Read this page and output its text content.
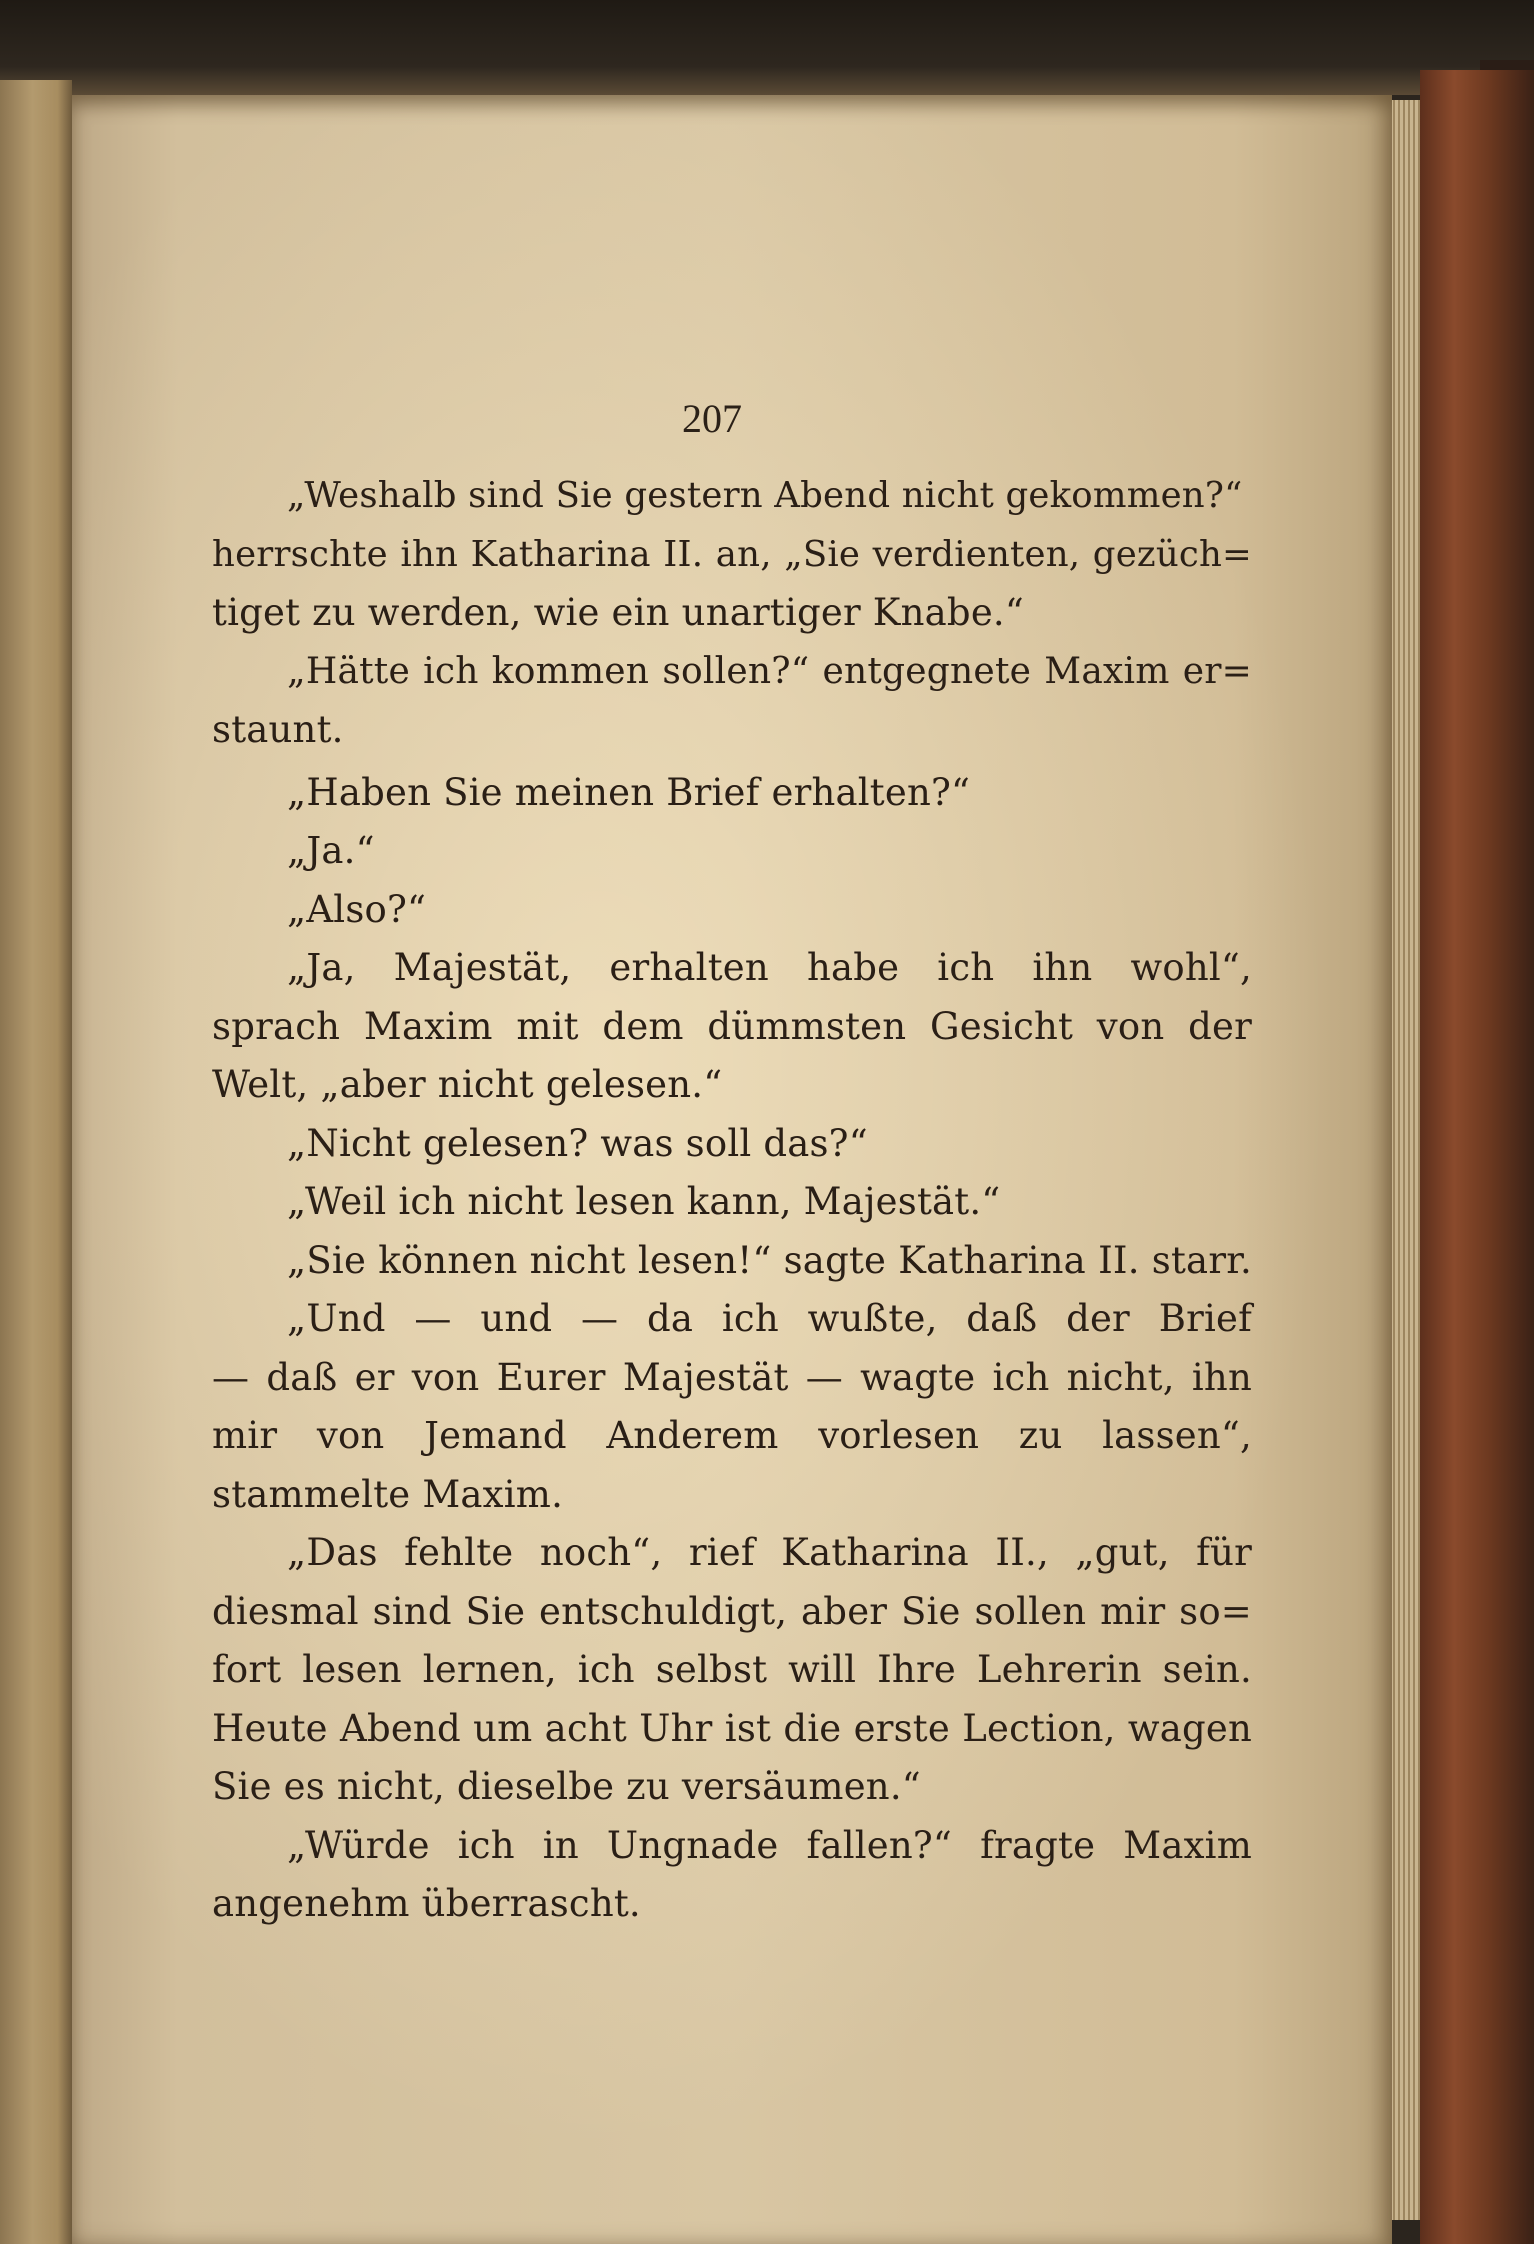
207
„Weshalb sind Sie gestern Abend nicht gekommen?“
herrschte ihn Katharina II. an, „Sie verdienten, gezüch=
tiget zu werden, wie ein unartiger Knabe.“
„Hätte ich kommen sollen?“ entgegnete Maxim er=
staunt.
„Haben Sie meinen Brief erhalten?“
„Ja.“
„Also?“
„Ja, Majestät, erhalten habe ich ihn wohl“,
sprach Maxim mit dem dümmsten Gesicht von der
Welt, „aber nicht gelesen.“
„Nicht gelesen? was soll das?“
„Weil ich nicht lesen kann, Majestät.“
„Sie können nicht lesen!“ sagte Katharina II. starr.
„Und — und — da ich wußte, daß der Brief
— daß er von Eurer Majestät — wagte ich nicht, ihn
mir von Jemand Anderem vorlesen zu lassen“,
stammelte Maxim.
„Das fehlte noch“, rief Katharina II., „gut, für
diesmal sind Sie entschuldigt, aber Sie sollen mir so=
fort lesen lernen, ich selbst will Ihre Lehrerin sein.
Heute Abend um acht Uhr ist die erste Lection, wagen
Sie es nicht, dieselbe zu versäumen.“
„Würde ich in Ungnade fallen?“ fragte Maxim
angenehm überrascht.
